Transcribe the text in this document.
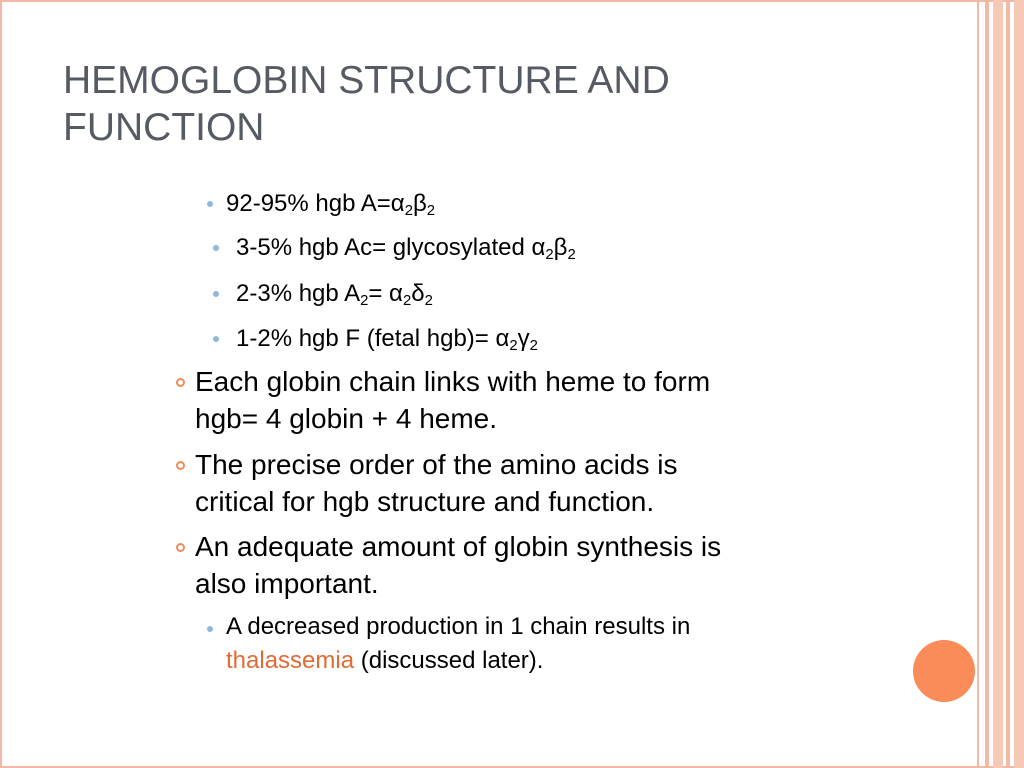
HEMOGLOBIN STRUCTURE AND FUNCTION
92-95% hgb $A=\alpha_2\beta_2$
3-5% hgb Ac= glycosylated $\alpha_2\beta_2$
2-3% hgb $A_2= \alpha_2\delta_2$
1-2% hgb F (fetal $hgb)= \alpha_2\gamma_2$
Each globin chain links with heme to form
hgb= 4 globin + 4 heme.
The precise order of the amino acids is
critical for hgb structure and function.
An adequate amount of globin synthesis is
also important.
A decreased production in 1 chain results in
thalassemia (discussed later).
